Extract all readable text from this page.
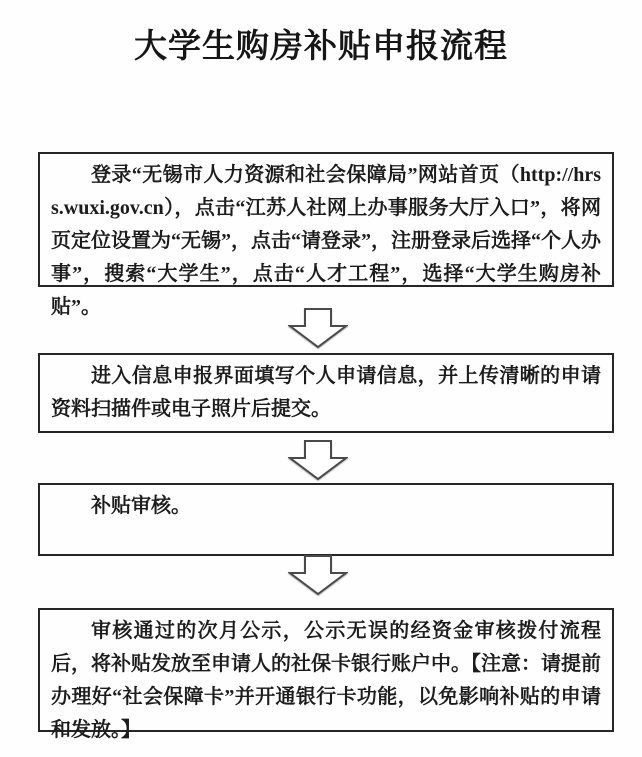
大学生购房补贴申报流程

登录“无锡市人力资源和社会保障局”网站首页（http://hrss.wuxi.gov.cn），点击“江苏人社网上办事服务大厅入口”，将网页定位设置为“无锡”，点击“请登录”，注册登录后选择“个人办事”，搜索“大学生”，点击“人才工程”，选择“大学生购房补贴”。

进入信息申报界面填写个人申请信息，并上传清晰的申请资料扫描件或电子照片后提交。

补贴审核。

审核通过的次月公示，公示无误的经资金审核拨付流程后，将补贴发放至申请人的社保卡银行账户中。【注意：请提前办理好“社会保障卡”并开通银行卡功能，以免影响补贴的申请和发放。】
